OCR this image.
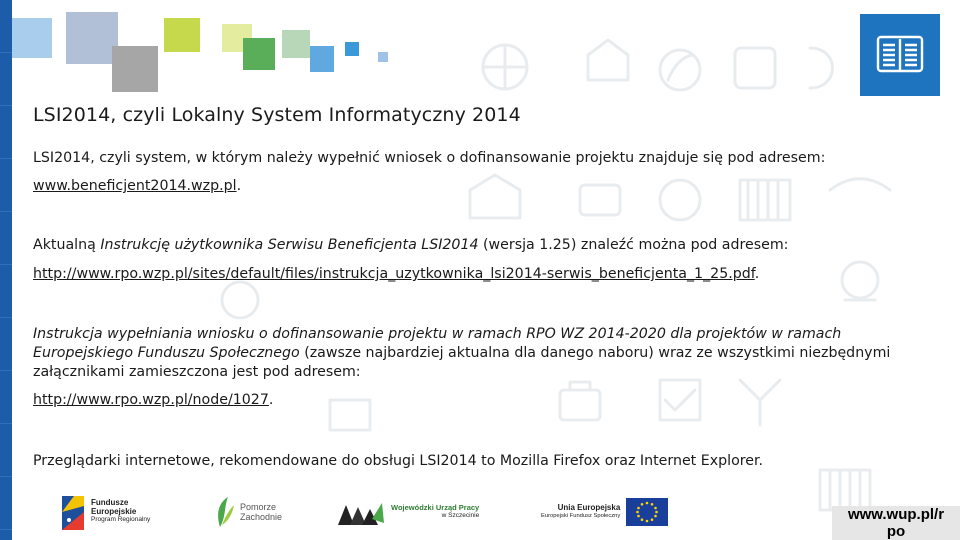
LSI2014, czyli Lokalny System Informatyczny 2014

LSI2014, czyli system, w którym należy wypełnić wniosek o dofinansowanie projektu znajduje się pod adresem:

www.beneficjent2014.wzp.pl.

Aktualną Instrukcję użytkownika Serwisu Beneficjenta LSI2014 (wersja 1.25) znaleźć można pod adresem:

http://www.rpo.wzp.pl/sites/default/files/instrukcja_uzytkownika_lsi2014-serwis_beneficjenta_1_25.pdf.

Instrukcja wypełniania wniosku o dofinansowanie projektu w ramach RPO WZ 2014-2020 dla projektów w ramach Europejskiego Funduszu Społecznego (zawsze najbardziej aktualna dla danego naboru) wraz ze wszystkimi niezbędnymi załącznikami zamieszczona jest pod adresem:

http://www.rpo.wzp.pl/node/1027.

Przeglądarki internetowe, rekomendowane do obsługi LSI2014 to Mozilla Firefox oraz Internet Explorer.

Fundusze
Europejskie
Program Regionalny
Pomorze
Zachodnie
Wojewódzki Urząd Pracy
w Szczecinie
Unia Europejska
Europejski Fundusz Społeczny	www.wup.pl/r
po
